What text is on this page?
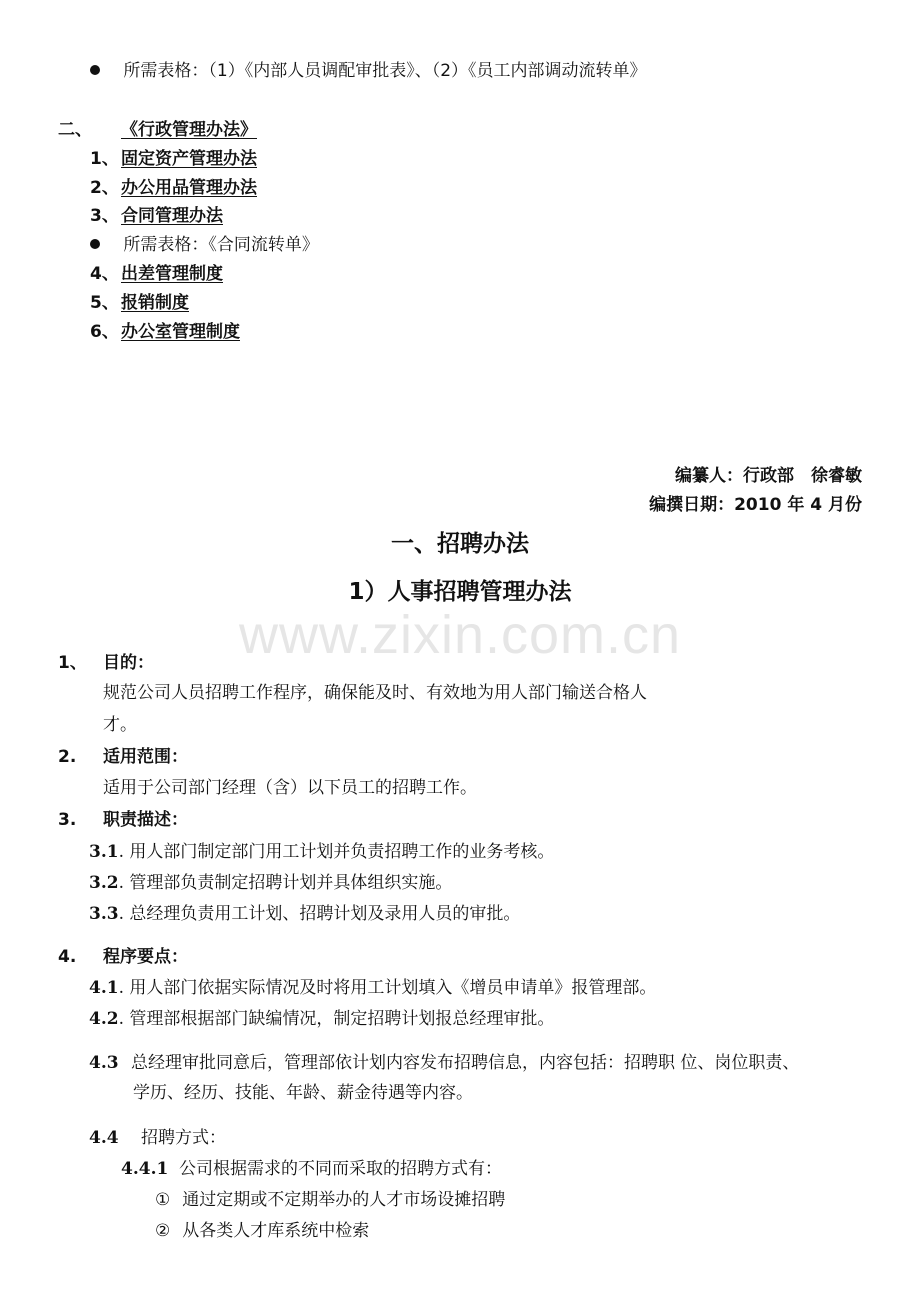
所需表格：（1）《内部人员调配审批表》、（2）《员工内部调动流转单》
二、 《行政管理办法》
1、 固定资产管理办法
2、 办公用品管理办法
3、 合同管理办法
所需表格：《合同流转单》
4、 出差管理制度
5、 报销制度
6、 办公室管理制度
编纂人：行政部　徐睿敏
编撰日期：2010 年 4 月份
一、招聘办法
1）人事招聘管理办法
www.zixin.com.cn
1、 目的：
规范公司人员招聘工作程序，确保能及时、有效地为用人部门输送合格人
才。
2. 适用范围：
适用于公司部门经理（含）以下员工的招聘工作。
3. 职责描述：
3.1. 用人部门制定部门用工计划并负责招聘工作的业务考核。
3.2. 管理部负责制定招聘计划并具体组织实施。
3.3. 总经理负责用工计划、招聘计划及录用人员的审批。
4. 程序要点：
4.1. 用人部门依据实际情况及时将用工计划填入《增员申请单》报管理部。
4.2. 管理部根据部门缺编情况，制定招聘计划报总经理审批。
4.3 总经理审批同意后，管理部依计划内容发布招聘信息，内容包括：招聘职 位、岗位职责、
学历、经历、技能、年龄、薪金待遇等内容。
4.4 招聘方式：
4.4.1 公司根据需求的不同而采取的招聘方式有：
① 通过定期或不定期举办的人才市场设摊招聘
② 从各类人才库系统中检索
